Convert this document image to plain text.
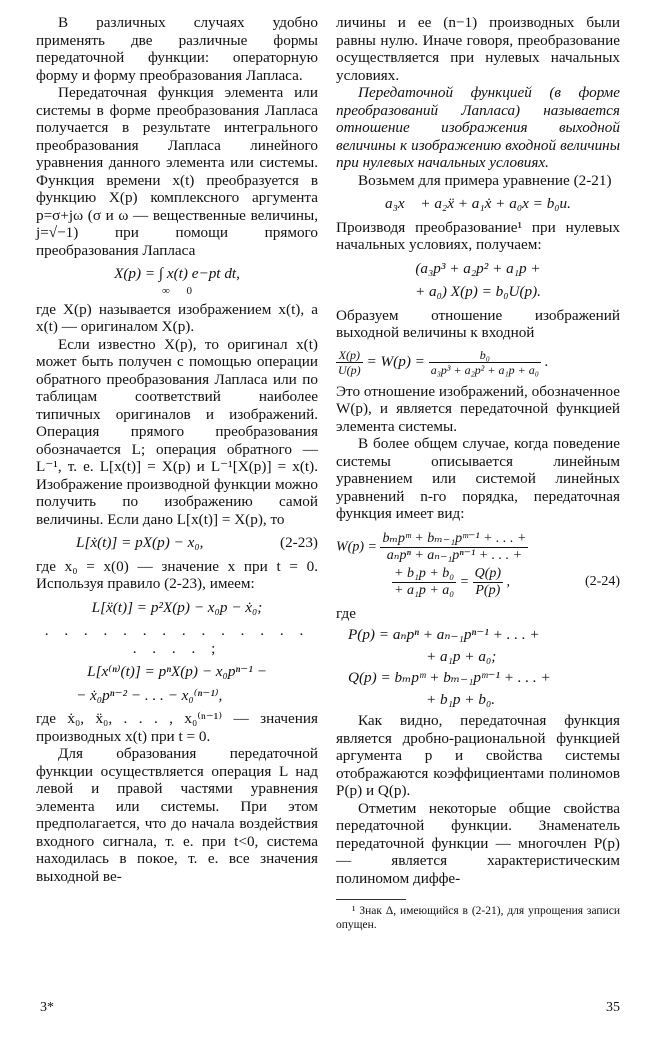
В различных случаях удобно применять две различные формы передаточной функции: операторную форму и форму преобразования Лапласа.

Передаточная функция элемента или системы в форме преобразования Лапласа получается в результате интегрального преобразования Лапласа линейного уравнения данного элемента или системы. Функция времени x(t) преобразуется в функцию X(p) комплексного аргумента p=σ+jω (σ и ω — вещественные величины, j=√−1) при помощи прямого преобразования Лапласа

X(p) = ∫ x(t) e−pt dt,
∞ 0

где X(p) называется изображением x(t), а x(t) — оригиналом X(p).

Если известно X(p), то оригинал x(t) может быть получен с помощью операции обратного преобразования Лапласа или по таблицам соответствий наиболее типичных оригиналов и изображений. Операция прямого преобразования обозначается L; операция обратного — L⁻¹, т. е. L[x(t)] = X(p) и L⁻¹[X(p)] = x(t). Изображение производной функции можно получить по изображению самой величины. Если дано L[x(t)] = X(p), то

L[ẋ(t)] = pX(p) − x₀,	(2-23)

где x₀ = x(0) — значение x при t = 0. Используя правило (2-23), имеем:

L[ẍ(t)] = p²X(p) − x₀p − ẋ₀;
. . . . . . . . . . . . . . . . . . ;
L[x⁽ⁿ⁾(t)] = pⁿX(p) − x₀pⁿ⁻¹ −
− ẋ₀pⁿ⁻² − . . . − x₀⁽ⁿ⁻¹⁾,

где ẋ₀, ẍ₀, . . . , x₀⁽ⁿ⁻¹⁾ — значения производных x(t) при t = 0.

Для образования передаточной функции осуществляется операция L над левой и правой частями уравнения элемента или системы. При этом предполагается, что до начала воздействия входного сигнала, т. е. при t<0, система находилась в покое, т. е. все значения выходной ве-

личины и ее (n−1) производных были равны нулю. Иначе говоря, преобразование осуществляется при нулевых начальных условиях.

Передаточной функцией (в форме преобразований Лапласа) называется отношение изображения выходной величины к изображению входной величины при нулевых начальных условиях.

Возьмем для примера уравнение (2-21)

a₃x⃛ + a₂ẍ + a₁ẋ + a₀x = b₀u.

Производя преобразование¹ при нулевых начальных условиях, получаем:

(a₃p³ + a₂p² + a₁p +
+ a₀) X(p) = b₀U(p).

Образуем отношение изображений выходной величины к входной

$\frac{X(p)}{U(p)} = W(p) = \frac{\text{b₀}}{\text{a₃p³ + a₂p² + a₁p + a₀}}$ .

Это отношение изображений, обозначенное W(p), и является передаточной функцией элемента системы.

В более общем случае, когда поведение системы описывается линейным уравнением или системой линейных уравнений n-го порядка, передаточная функция имеет вид:

$W(p) = \frac{\text{bₘpᵐ + bₘ₋₁pᵐ⁻¹ + . . . +}}{\text{aₙpⁿ + aₙ₋₁pⁿ⁻¹ + . . . +}}$
$\frac{\text{+ b₁p + b₀}}{\text{+ a₁p + a₀}} = \frac{Q(p)}{P(p)}$ ,	(2-24)

где

P(p) = aₙpⁿ + aₙ₋₁pⁿ⁻¹ + . . . +
+ a₁p + a₀;
Q(p) = bₘpᵐ + bₘ₋₁pᵐ⁻¹ + . . . +
+ b₁p + b₀.

Как видно, передаточная функция является дробно-рациональной функцией аргумента p и свойства системы отображаются коэффициентами полиномов P(p) и Q(p).

Отметим некоторые общие свойства передаточной функции. Знаменатель передаточной функции — многочлен P(p) — является характеристическим полиномом диффе-

¹ Знак Δ, имеющийся в (2-21), для упрощения записи опущен.

3*	35
